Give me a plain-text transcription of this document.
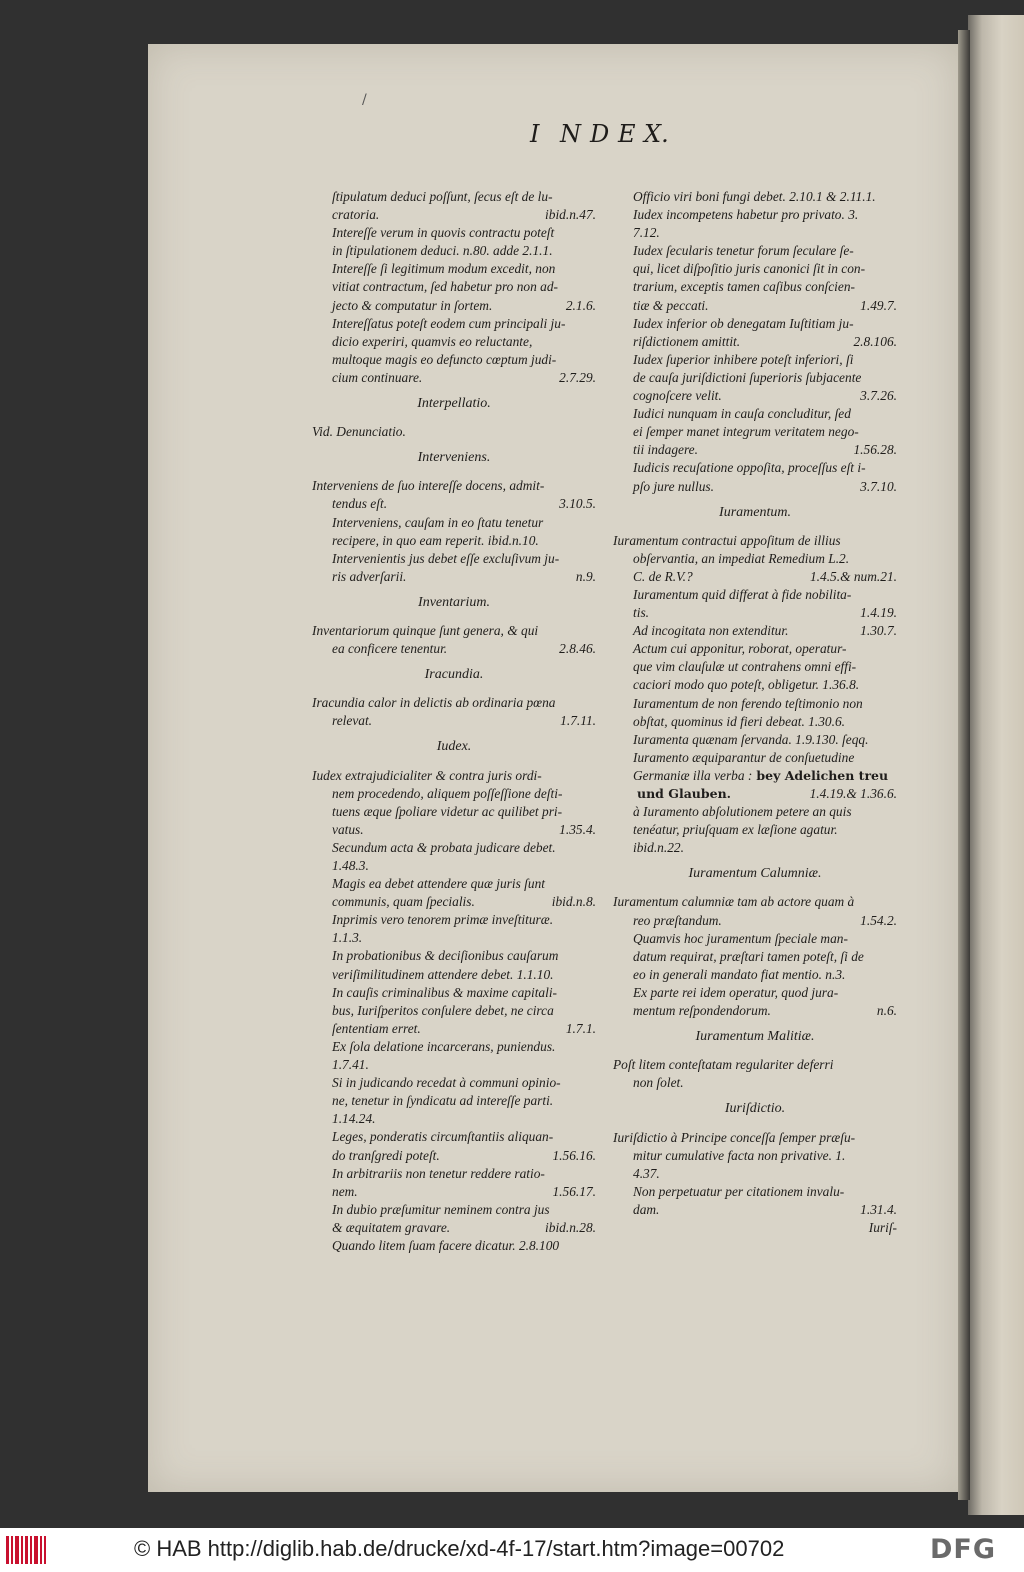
/
I N D E X.
ſtipulatum deduci poſſunt, ſecus eſt de lu-
cratoria.	ibid.n.47.
Intereſſe verum in quovis contractu poteſt
in ſtipulationem deduci. n.80. adde 2.1.1.
Intereſſe ſi legitimum modum excedit, non
vitiat contractum, ſed habetur pro non ad-
jecto & computatur in ſortem.	2.1.6.
Intereſſatus poteſt eodem cum principali ju-
dicio experiri, quamvis eo reluctante,
multoque magis eo defuncto cœptum judi-
cium continuare.	2.7.29.
Interpellatio.
Vid. Denunciatio.
Interveniens.
Interveniens de ſuo intereſſe docens, admit-
tendus eſt.	3.10.5.
Interveniens, cauſam in eo ſtatu tenetur
recipere, in quo eam reperit. ibid.n.10.
Intervenientis jus debet eſſe excluſivum ju-
ris adverſarii.	n.9.
Inventarium.
Inventariorum quinque ſunt genera, & qui
ea conficere tenentur.	2.8.46.
Iracundia.
Iracundia calor in delictis ab ordinaria pœna
relevat.	1.7.11.
Iudex.
Iudex extrajudicialiter & contra juris ordi-
nem procedendo, aliquem poſſeſſione deſti-
tuens æque ſpoliare videtur ac quilibet pri-
vatus.	1.35.4.
Secundum acta & probata judicare debet.
1.48.3.
Magis ea debet attendere quæ juris ſunt
communis, quam ſpecialis.	ibid.n.8.
Inprimis vero tenorem primæ inveſtituræ.
1.1.3.
In probationibus & deciſionibus cauſarum
veriſimilitudinem attendere debet. 1.1.10.
In cauſis criminalibus & maxime capitali-
bus, Iuriſperitos conſulere debet, ne circa
ſententiam erret.	1.7.1.
Ex ſola delatione incarcerans, puniendus.
1.7.41.
Si in judicando recedat à communi opinio-
ne, tenetur in ſyndicatu ad intereſſe parti.
1.14.24.
Leges, ponderatis circumſtantiis aliquan-
do tranſgredi poteſt.	1.56.16.
In arbitrariis non tenetur reddere ratio-
nem.	1.56.17.
In dubio præſumitur neminem contra jus
& æquitatem gravare.	ibid.n.28.
Quando litem ſuam facere dicatur. 2.8.100
Officio viri boni fungi debet. 2.10.1 & 2.11.1.
Iudex incompetens habetur pro privato. 3.
7.12.
Iudex ſecularis tenetur forum ſeculare ſe-
qui, licet diſpoſitio juris canonici ſit in con-
trarium, exceptis tamen caſibus conſcien-
tiæ & peccati.	1.49.7.
Iudex inferior ob denegatam Iuſtitiam ju-
riſdictionem amittit.	2.8.106.
Iudex ſuperior inhibere poteſt inferiori, ſi
de cauſa juriſdictioni ſuperioris ſubjacente
cognoſcere velit.	3.7.26.
Iudici nunquam in cauſa concluditur, ſed
ei ſemper manet integrum veritatem nego-
tii indagere.	1.56.28.
Iudicis recuſatione oppoſita, proceſſus eſt i-
pſo jure nullus.	3.7.10.
Iuramentum.
Iuramentum contractui appoſitum de illius
obſervantia, an impediat Remedium L.2.
C. de R.V.?	1.4.5.& num.21.
Iuramentum quid differat à fide nobilita-
tis.	1.4.19.
Ad incogitata non extenditur.	1.30.7.
Actum cui apponitur, roborat, operatur-
que vim clauſulæ ut contrahens omni effi-
caciori modo quo poteſt, obligetur. 1.36.8.
Iuramentum de non ferendo teſtimonio non
obſtat, quominus id fieri debeat. 1.30.6.
Iuramenta quænam ſervanda. 1.9.130. ſeqq.
Iuramento æquiparantur de conſuetudine
Germaniæ illa verba : bey Adelichen treu
und Glauben.	1.4.19.& 1.36.6.
à Iuramento abſolutionem petere an quis
tenéatur, priuſquam ex læſione agatur.
ibid.n.22.
Iuramentum Calumniæ.
Iuramentum calumniæ tam ab actore quam à
reo præſtandum.	1.54.2.
Quamvis hoc juramentum ſpeciale man-
datum requirat, præſtari tamen poteſt, ſi de
eo in generali mandato fiat mentio. n.3.
Ex parte rei idem operatur, quod jura-
mentum reſpondendorum.	n.6.
Iuramentum Malitiæ.
Poſt litem conteſtatam regulariter deferri
non ſolet.
Iuriſdictio.
Iuriſdictio à Principe conceſſa ſemper præſu-
mitur cumulative facta non privative. 1.
4.37.
Non perpetuatur per citationem invalu-
dam.	1.31.4.
Iuriſ-
© HAB http://diglib.hab.de/drucke/xd-4f-17/start.htm?image=00702	DFG
